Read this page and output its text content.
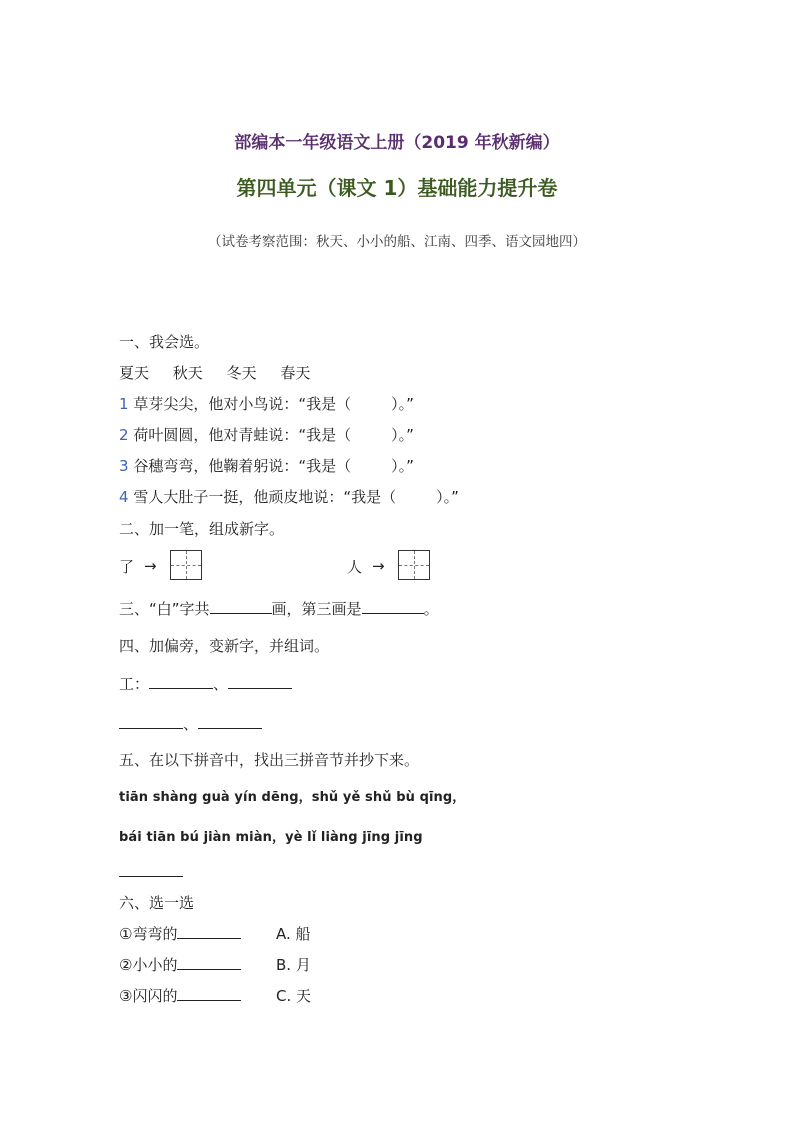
部编本一年级语文上册（2019 年秋新编）
第四单元（课文 1）基础能力提升卷
（试卷考察范围：秋天、小小的船、江南、四季、语文园地四）
一、我会选。
夏天 秋天 冬天 春天
1 草芽尖尖，他对小鸟说：“我是（	）。”
2 荷叶圆圆，他对青蛙说：“我是（	）。”
3 谷穗弯弯，他鞠着躬说：“我是（	）。”
4 雪人大肚子一挺，他顽皮地说：“我是（	）。”
二、加一笔，组成新字。
了 →	人 →
三、“白”字共	画，第三画是	。
四、加偏旁，变新字，并组词。
工：	、
、
五、在以下拼音中，找出三拼音节并抄下来。
tiān shàng guà yín dēng，shǔ yě shǔ bù qīng，
bái tiān bú jiàn miàn，yè lǐ liàng jīng jīng
六、选一选
①弯弯的	A. 船
②小小的	B. 月
③闪闪的	C. 天
